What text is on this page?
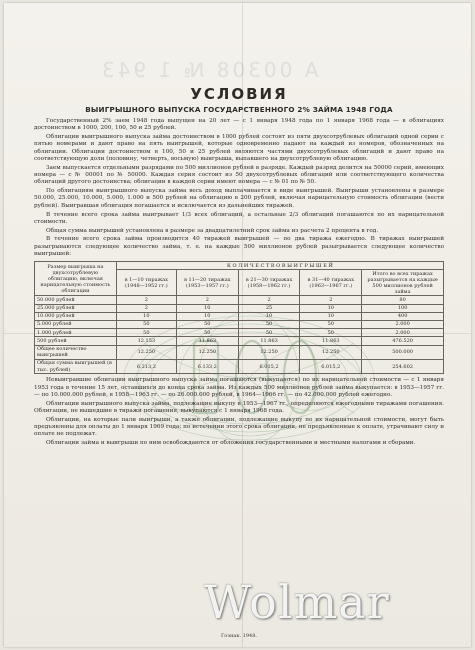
А 00308 № 1 943
УСЛОВИЯ
ВЫИГРЫШНОГО ВЫПУСКА ГОСУДАРСТВЕННОГО 2% ЗАЙМА 1948 ГОДА

Государственный 2% заем 1948 года выпущен на 20 лет — с 1 января 1948 года по 1 января 1968 года — в облигациях достоинством в 1000, 200, 100, 50 и 25 рублей.

Облигации выигрышного выпуска займа достоинством в 1000 рублей состоят из пяти двухсотрублевых облигаций одной серии с пятью номерами и дают право на пять выигрышей, которые одновременно падают на каждый из номеров, обозначенных на облигации. Облигации достоинством в 100, 50 и 25 рублей являются частями двухсотрублевых облигаций и дают право на соответствующую доли (половину, четверть, восьмую) выигрыша, выпавшего на двухсотрублевую облигацию.

Заем выпускается отдельными разрядами по 500 миллионов рублей в разряде. Каждый разряд делится на 50000 серий, имеющих номера — с № 00001 по № 50000. Каждая серия состоит из 50 двухсотрублевых облигаций или соответствующего количества облигаций другого достоинства; облигации в каждой серии имеют номера — с № 01 по № 50.

По облигациям выигрышного выпуска займа весь доход выплачивается в виде выигрышей. Выигрыши установлены в размере 50.000, 25.000, 10.000, 5.000, 1.000 и 500 рублей на облигацию в 200 рублей, включая нарицательную стоимость облигации (вести рублей). Выигравшая облигация погашается и исключается из дальнейших тиражей.

В течение всего срока займа выигрывает 1/3 всех облигаций, а остальные 2/3 облигаций погашаются по их нарицательной стоимости.

Общая сумма выигрышей установлена в размере за двадцатилетний срок займа из расчета 2 процента в год.

В течение всего срока займа производится 40 тиражей выигрышей — по два тиража ежегодно. В тиражах выигрышей разыгрываются следующее количество займа, т. е. на каждые 500 миллионов рублей разыгрывается следующее количество выигрышей:

Размер выигрыша на двухсотрублевую облигацию, включая нарицательную стоимость облигации	К О Л И Ч Е С Т В О В Ы И Г Р Ы Ш Е Й				
	в 1—10 тиражах (1948—1952 гг.)	в 11—20 тиражах (1953—1957 гг.)	в 21—30 тиражах (1958—1962 гг.)	в 31—40 тиражах (1963—1967 гг.)	Итого во всех тиражах разыгрывается на каждые 500 миллионов рублей займа
50.000 рублей	2	2	2	2	80
25.000 рублей	2	10	25	10	100
10.000 рублей	10	10	10	10	400
5.000 рублей	50	50	50	50	2.000
1.000 рублей	50	50	50	50	2.000
500 рублей	12.153	11.863	11.863	11.863	476.520
Общее количество выигрышей	12.250	12.250	12.250	12.250	500.000
Общая сумма выигрышей (в тыс. рублей)	6.213,2	6.133,2	6.015,2	6.015,2	254.602

Невыигравшие облигации выигрышного выпуска займа погашаются (выкупаются) по их нарицательной стоимости — с 1 января 1953 года в течение 15 лет, оставшихся до конца срока займа. Из каждых 500 миллионов рублей займа выкупается: в 1953—1957 гг. — по 10.000.000 рублей, в 1958—1963 гг. — по 26.000.000 рублей, в 1964—1966 гг. — по 42.000.000 рублей ежегодно.

Облигации выигрышного выпуска займа, подлежащие выкупу в 1953—1967 гг., определяются ежегодными тиражами погашения. Облигации, не вышедшие в тиражи погашения, выкупаются с 1 января 1968 года.

Облигации, на которые пали выигрыши, а также облигации, подлежащие выкупу по их нарицательной стоимости, могут быть предъявлены для оплаты до 1 января 1969 года; по истечении этого срока облигации, не предъявленные к оплате, утрачивают силу и оплате не подлежат.

Облигации займа и выигрыши по ним освобождаются от обложения государственными и местными налогами и сборами.

Гознак. 1948.
Wolmar
